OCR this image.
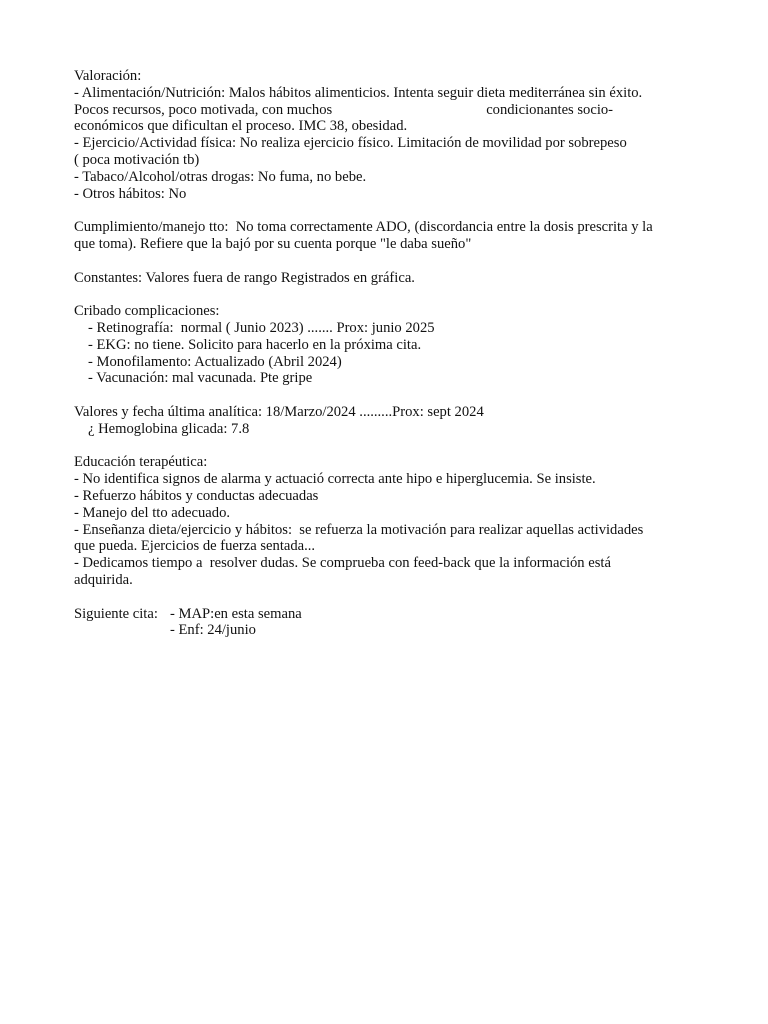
Valoración:
- Alimentación/Nutrición: Malos hábitos alimenticios. Intenta seguir dieta mediterránea sin éxito.
Pocos recursos, poco motivada, con muchos	condicionantes socio-
económicos que dificultan el proceso. IMC 38, obesidad.
- Ejercicio/Actividad física: No realiza ejercicio físico. Limitación de movilidad por sobrepeso
( poca motivación tb)
- Tabaco/Alcohol/otras drogas: No fuma, no bebe.
- Otros hábitos: No
Cumplimiento/manejo tto:  No toma correctamente ADO, (discordancia entre la dosis prescrita y la
que toma). Refiere que la bajó por su cuenta porque "le daba sueño"
Constantes: Valores fuera de rango Registrados en gráfica.
Cribado complicaciones:
- Retinografía:  normal ( Junio 2023) ....... Prox: junio 2025
- EKG: no tiene. Solicito para hacerlo en la próxima cita.
- Monofilamento: Actualizado (Abril 2024)
- Vacunación: mal vacunada. Pte gripe
Valores y fecha última analítica: 18/Marzo/2024 .........Prox: sept 2024
¿ Hemoglobina glicada: 7.8
Educación terapéutica:
- No identifica signos de alarma y actuació correcta ante hipo e hiperglucemia. Se insiste.
- Refuerzo hábitos y conductas adecuadas
- Manejo del tto adecuado.
- Enseñanza dieta/ejercicio y hábitos:  se refuerza la motivación para realizar aquellas actividades
que pueda. Ejercicios de fuerza sentada...
- Dedicamos tiempo a  resolver dudas. Se comprueba con feed-back que la información está
adquirida.
Siguiente cita: - MAP:en esta semana
- Enf: 24/junio
